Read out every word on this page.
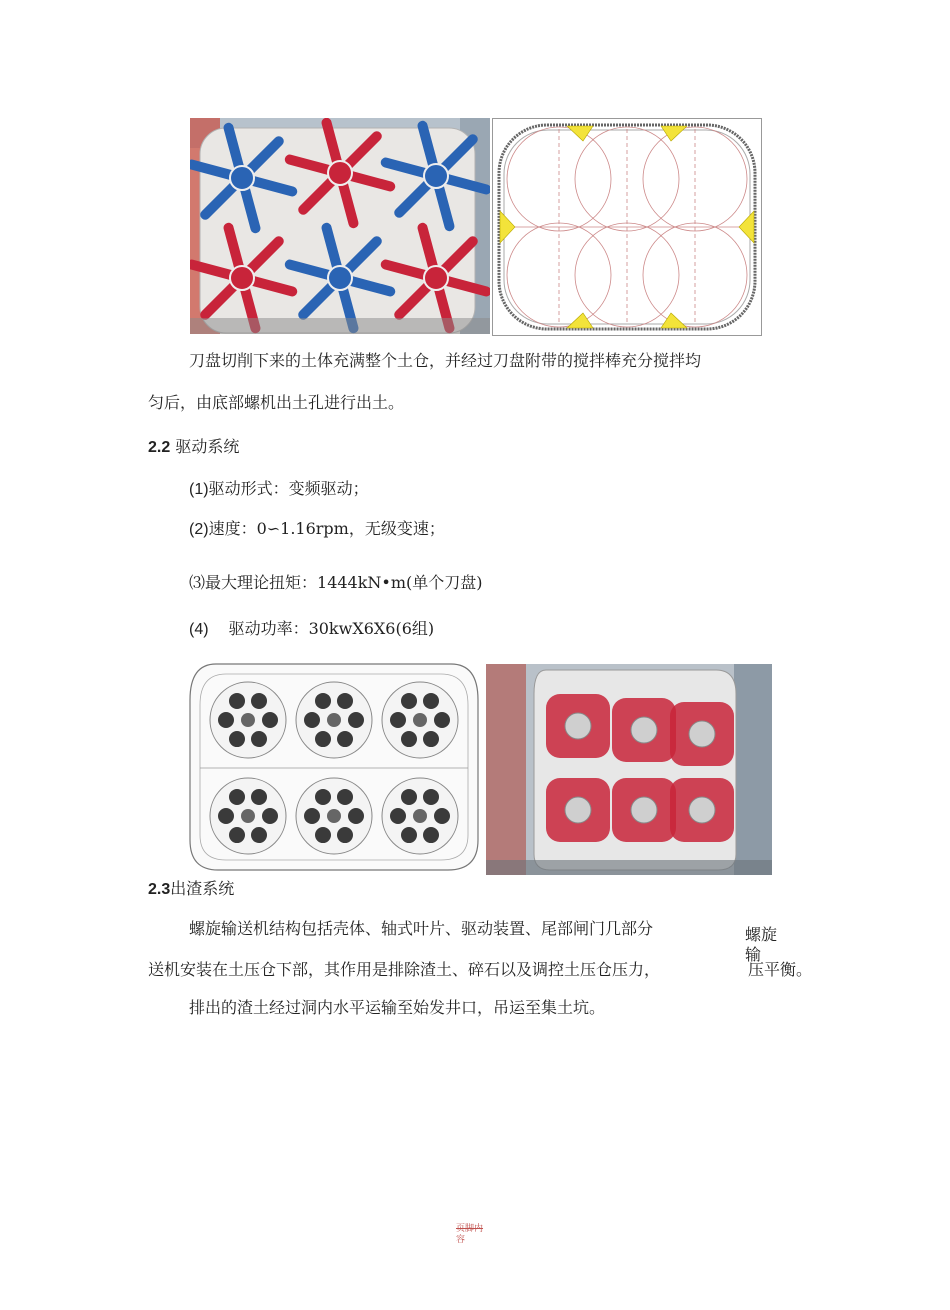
刀盘切削下来的土体充满整个土仓，并经过刀盘附带的搅拌棒充分搅拌均
匀后，由底部螺机出土孔进行出土。
2.2 驱动系统
(1)驱动形式：变频驱动；
(2)速度：0∽1.16rpm，无级变速；
⑶最大理论扭矩：1444kN•m(单个刀盘)
(4) 驱动功率：30kwX6X6(6组)
2.3出渣系统
螺旋输送机结构包括壳体、轴式叶片、驱动装置、尾部闸门几部分	螺旋
输
送机安装在土压仓下部，其作用是排除渣土、碎石以及调控土压仓压力，	压平衡。
排出的渣土经过洞内水平运输至始发井口，吊运至集土坑。
页脚内
容
